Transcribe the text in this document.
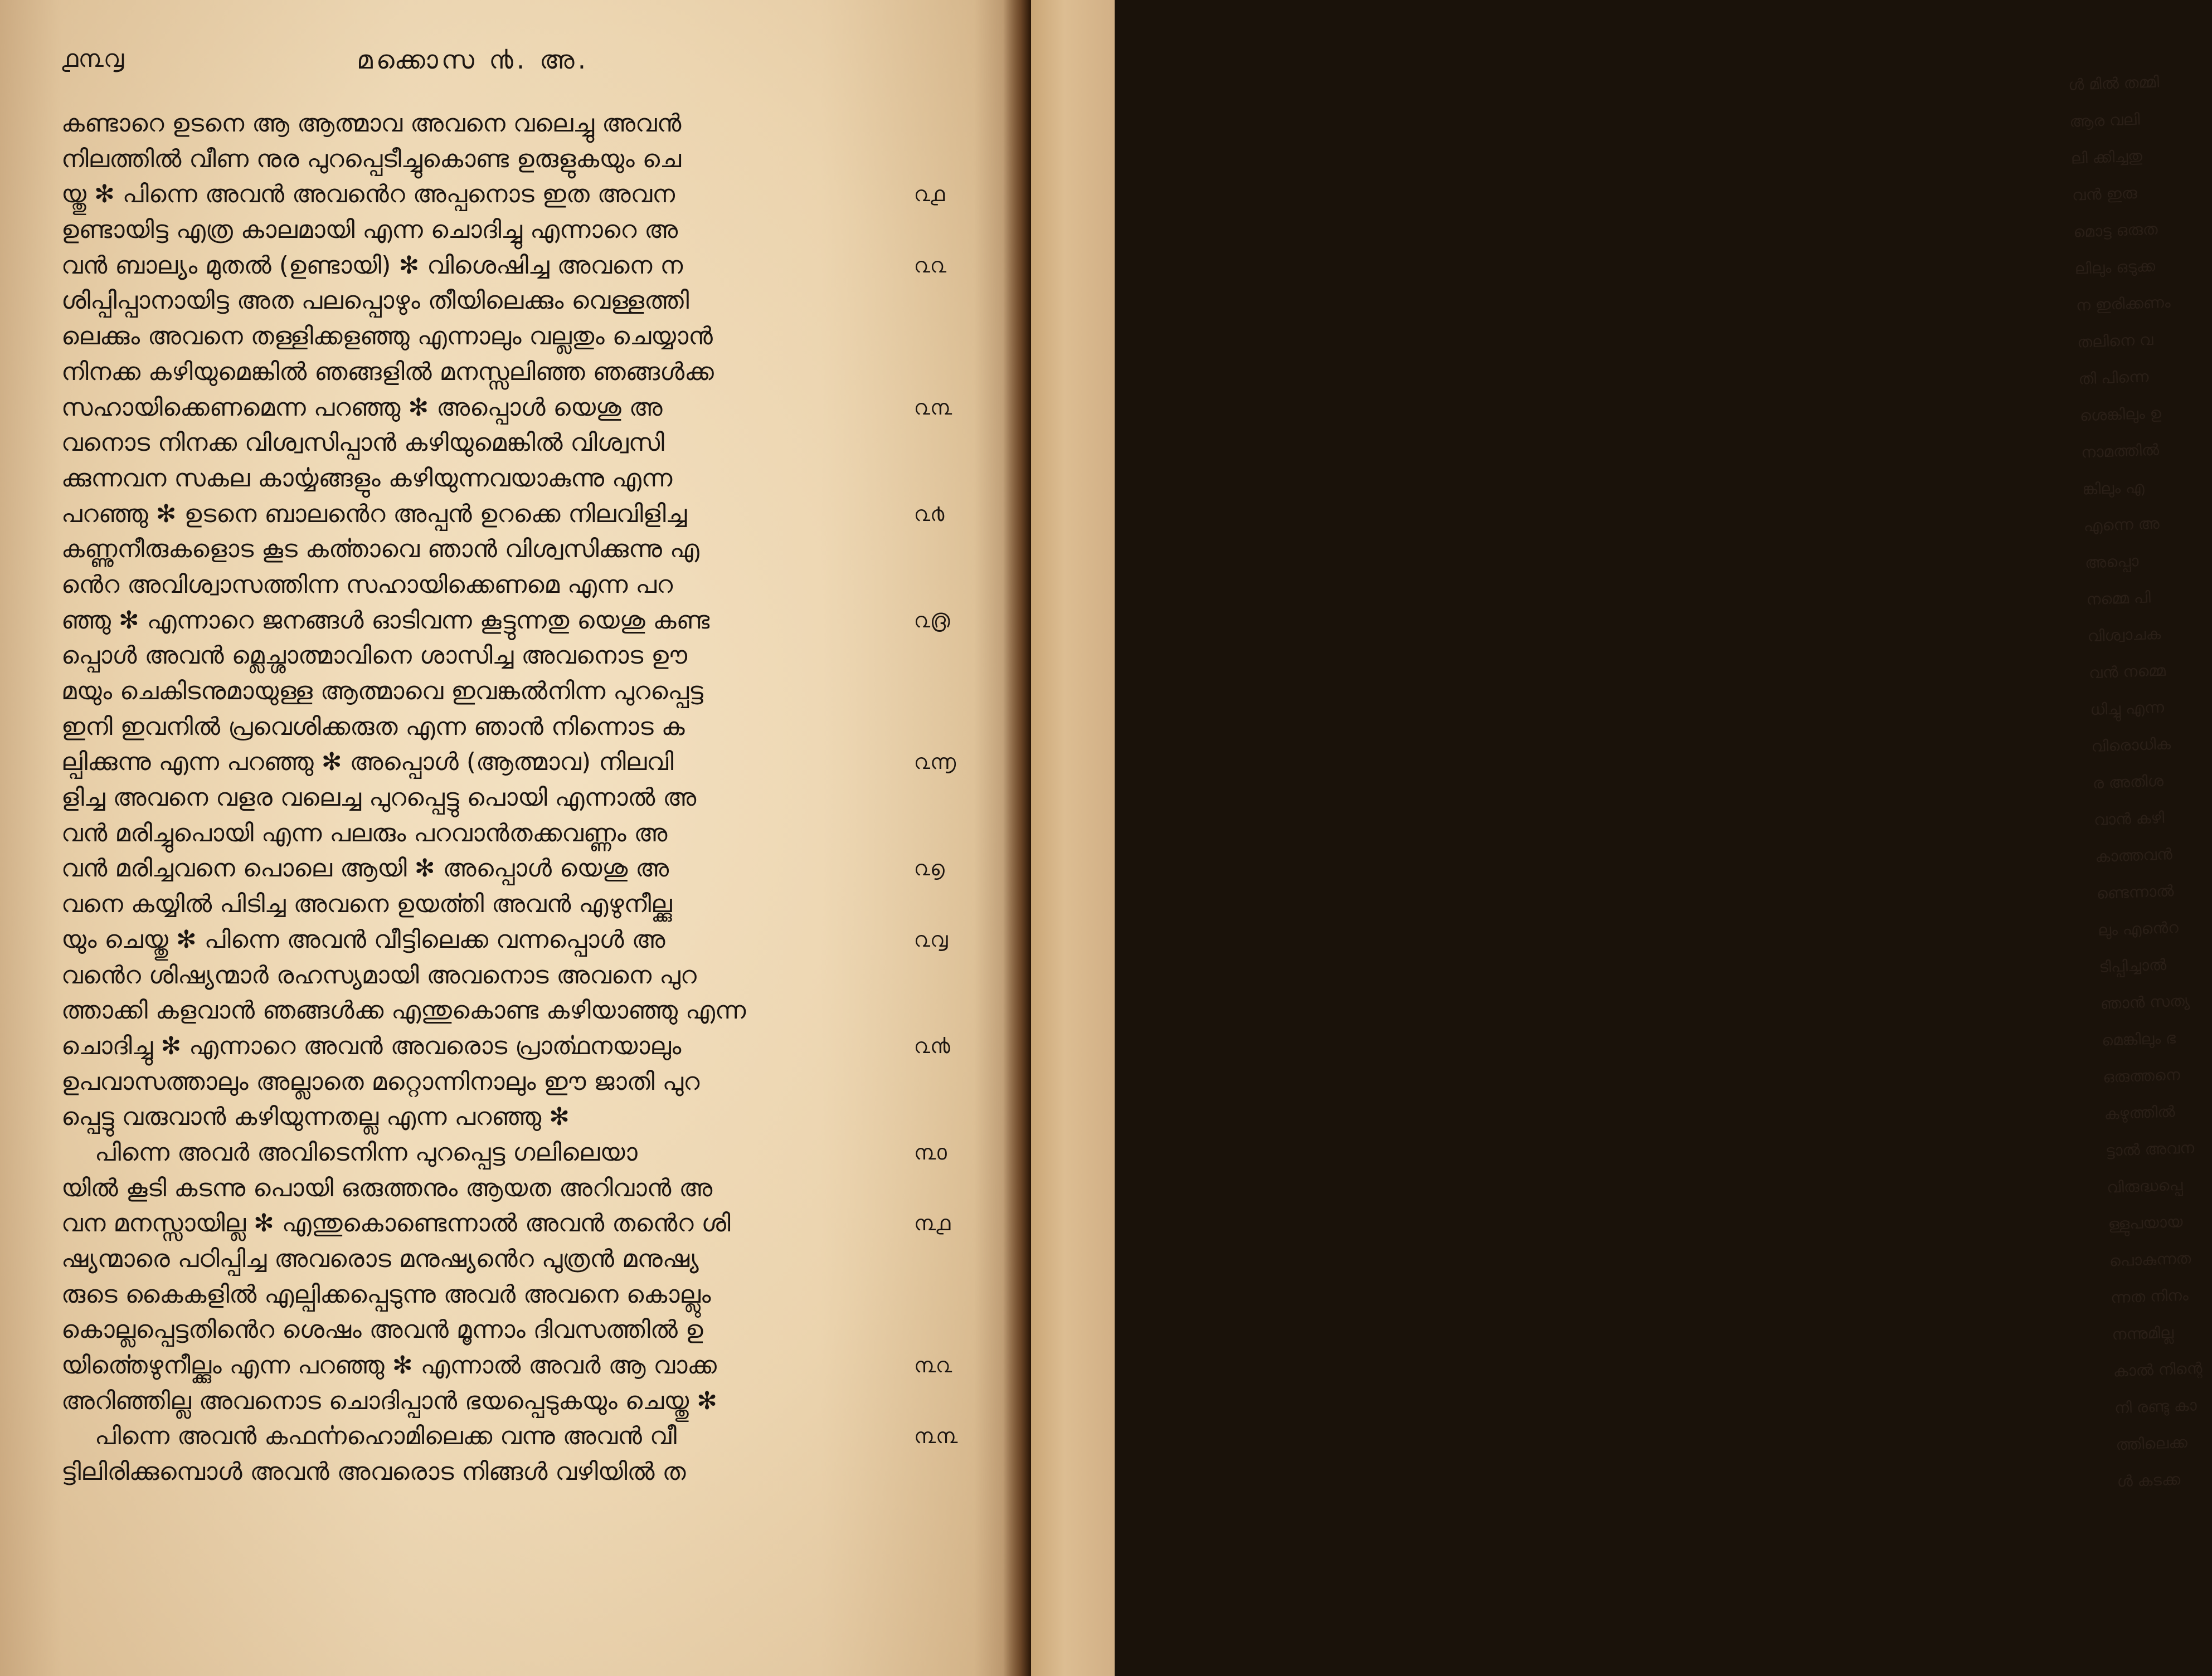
൧൩൮	മക്കൊസ ൯. അ.
കണ്ടാറെ ഉടനെ ആ ആത്മാവ അവനെ വലെച്ചു അവൻ
നിലത്തിൽ വീണ നുര പുറപ്പെടീച്ചുകൊണ്ട ഉരുളുകയും ചെ
യ്തു ✻ പിന്നെ അവൻ അവൻെറ അപ്പനൊട ഇത അവന
ഉണ്ടായിട്ട എത്ര കാലമായി എന്ന ചൊദിച്ചു എന്നാറെ അ
വൻ ബാല്യം മുതൽ (ഉണ്ടായി) ✻ വിശെഷിച്ച അവനെ ന
ശിപ്പിപ്പാനായിട്ട അത പലപ്പൊഴും തീയിലെക്കും വെള്ളത്തി
ലെക്കും അവനെ തള്ളിക്കളഞ്ഞു എന്നാലും വല്ലതും ചെയ്യാൻ
നിനക്ക കഴിയുമെങ്കിൽ ഞങ്ങളിൽ മനസ്സലിഞ്ഞ ഞങ്ങൾക്ക
സഹായിക്കെണമെന്ന പറഞ്ഞു ✻ അപ്പൊൾ യെശു അ
വനൊട നിനക്ക വിശ്വസിപ്പാൻ കഴിയുമെങ്കിൽ വിശ്വസി
ക്കുന്നവന സകല കാൎയ്യങ്ങളും കഴിയുന്നവയാകുന്നു എന്ന
പറഞ്ഞു ✻ ഉടനെ ബാലൻെറ അപ്പൻ ഉറക്കെ നിലവിളിച്ച
കണ്ണുനീരുകളൊട കൂട കൎത്താവെ ഞാൻ വിശ്വസിക്കുന്നു എ
ൻെറ അവിശ്വാസത്തിന്ന സഹായിക്കെണമെ എന്ന പറ
ഞ്ഞു ✻ എന്നാറെ ജനങ്ങൾ ഓടിവന്ന കൂട്ടുന്നതു യെശു കണ്ട
പ്പൊൾ അവൻ മ്ലെച്ശാത്മാവിനെ ശാസിച്ച അവനൊട ഊ
മയും ചെകിടനുമായുള്ള ആത്മാവെ ഇവങ്കൽനിന്ന പുറപ്പെട്ട
ഇനി ഇവനിൽ പ്രവെശിക്കരുത എന്ന ഞാൻ നിന്നൊട ക
ല്പിക്കുന്നു എന്ന പറഞ്ഞു ✻ അപ്പൊൾ (ആത്മാവ) നിലവി
ളിച്ച അവനെ വളര വലെച്ച പുറപ്പെട്ടു പൊയി എന്നാൽ അ
വൻ മരിച്ചുപൊയി എന്ന പലരും പറവാൻതക്കവണ്ണം അ
വൻ മരിച്ചവനെ പൊലെ ആയി ✻ അപ്പൊൾ യെശു അ
വനെ കയ്യിൽ പിടിച്ച അവനെ ഉയൎത്തി അവൻ എഴുനീല്ക്കു
യും ചെയ്തു ✻ പിന്നെ അവൻ വീട്ടിലെക്ക വന്നപ്പൊൾ അ
വൻെറ ശിഷ്യന്മാർ രഹസ്യമായി അവനൊട അവനെ പുറ
ത്താക്കി കളവാൻ ഞങ്ങൾക്ക എന്തുകൊണ്ട കഴിയാഞ്ഞു എന്ന
ചൊദിച്ചു ✻ എന്നാറെ അവൻ അവരൊട പ്രാൎത്ഥനയാലും
ഉപവാസത്താലും അല്ലാതെ മറ്റൊന്നിനാലും ഈ ജാതി പുറ
പ്പെട്ടു വരുവാൻ കഴിയുന്നതല്ല എന്ന പറഞ്ഞു ✻
പിന്നെ അവർ അവിടെനിന്ന പുറപ്പെട്ട ഗലിലെയാ
യിൽ കൂടി കടന്നു പൊയി ഒരുത്തനും ആയത അറിവാൻ അ
വന മനസ്സായില്ല ✻ എന്തുകൊണ്ടെന്നാൽ അവൻ തൻെറ ശി
ഷ്യന്മാരെ പഠിപ്പിച്ച അവരൊട മനുഷ്യൻെറ പുത്രൻ മനുഷ്യ
രുടെ കൈകളിൽ എല്പിക്കപ്പെടുന്നു അവർ അവനെ കൊല്ലും
കൊല്ലപ്പെട്ടതിൻെറ ശെഷം അവൻ മൂന്നാം ദിവസത്തിൽ ഉ
യിൎത്തെഴുനീല്ക്കും എന്ന പറഞ്ഞു ✻ എന്നാൽ അവർ ആ വാക്ക
അറിഞ്ഞില്ല അവനൊട ചൊദിപ്പാൻ ഭയപ്പെടുകയും ചെയ്തു ✻
പിന്നെ അവൻ കഫൎന്നഹൊമിലെക്ക വന്നു അവൻ വീ
ട്ടിലിരിക്കുമ്പൊൾ അവൻ അവരൊട നിങ്ങൾ വഴിയിൽ ത
൨൧
൨൨
൨൩
൨൪
൨൫
൨൬
൨൭
൨൮
൨൯
൩൦
൩൧
൩൨
൩൩
ൾ മിൽ തമ്മി
ആര വലി
ലി ക്കിച്ചതു
വൻ ഇരു
മൊട്ട ഒരുത
ലിലും ഒടുക്ക
ന ഇരിക്കണം
തലിനെ വ
തി പിന്നെ
ശെങ്കിലും ഉ
നാമത്തിൽ
ങ്കിലും എ
എന്നെ അ
അപ്പൊ
നമ്മെ പി
വിശ്വാചക
വൻ നമ്മെ
ധിച്ചു എന്ന
വിരൊധിക
ര അതിശ
വാൻ കഴി
കാത്തവൻ
ണ്ടെന്നാൽ
ലും എൻെറ
ടിപ്പിച്ചാൽ
ഞാൻ സത്യ
മെങ്കിലും ഭ
ഒരുത്തനെ
കഴുത്തിൽ
ട്ടാൽ അവന
വിരുദ്ധപ്പെ
ള്ളുപയായ
പൊകുന്നത
ന്നത നിനം
നന്നുമില്ല
കാൽ നിന്റെ
നി രണ്ടു കാ
ത്തിലെക്ക
ൾ കടക്ക
